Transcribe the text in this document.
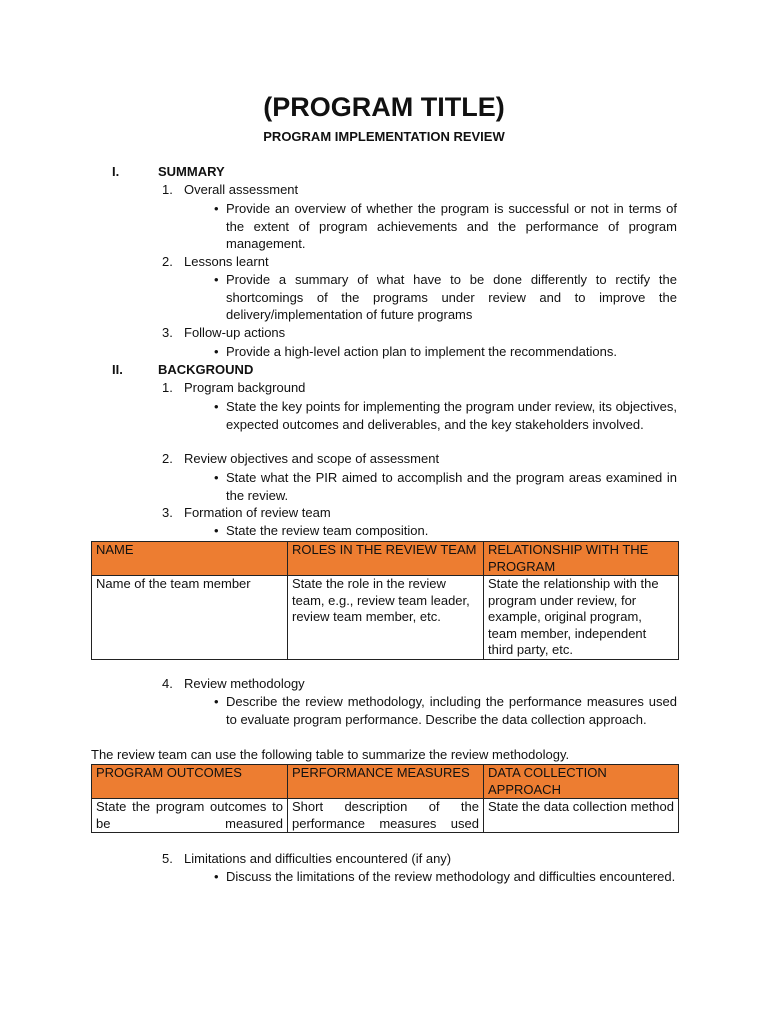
(PROGRAM TITLE)
PROGRAM IMPLEMENTATION REVIEW
I.	SUMMARY
1. Overall assessment
• Provide an overview of whether the program is successful or not in terms of the extent of program achievements and the performance of program management.
2. Lessons learnt
• Provide a summary of what have to be done differently to rectify the shortcomings of the programs under review and to improve the delivery/implementation of future programs
3. Follow-up actions
• Provide a high-level action plan to implement the recommendations.
II.	BACKGROUND
1. Program background
• State the key points for implementing the program under review, its objectives, expected outcomes and deliverables, and the key stakeholders involved.
2. Review objectives and scope of assessment
• State what the PIR aimed to accomplish and the program areas examined in the review.
3. Formation of review team
• State the review team composition.
NAME	ROLES IN THE REVIEW TEAM	RELATIONSHIP WITH THE PROGRAM
Name of the team member	State the role in the review team, e.g., review team leader, review team member, etc.	State the relationship with the program under review, for example, original program, team member, independent third party, etc.
4. Review methodology
• Describe the review methodology, including the performance measures used to evaluate program performance. Describe the data collection approach.
The review team can use the following table to summarize the review methodology.
PROGRAM OUTCOMES	PERFORMANCE MEASURES	DATA COLLECTION APPROACH
State the program outcomes to be measured	Short description of the performance measures used	State the data collection method
5. Limitations and difficulties encountered (if any)
• Discuss the limitations of the review methodology and difficulties encountered.
